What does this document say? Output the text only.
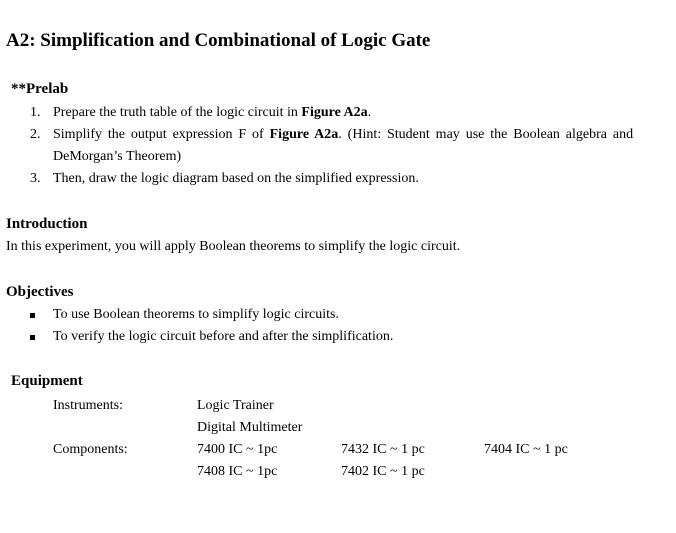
A2: Simplification and Combinational of Logic Gate
**Prelab
1. Prepare the truth table of the logic circuit in Figure A2a.
2. Simplify the output expression F of Figure A2a. (Hint: Student may use the Boolean algebra and
DeMorgan’s Theorem)
3. Then, draw the logic diagram based on the simplified expression.
Introduction
In this experiment, you will apply Boolean theorems to simplify the logic circuit.
Objectives
To use Boolean theorems to simplify logic circuits.
To verify the logic circuit before and after the simplification.
Equipment
Instruments:	Logic Trainer
Digital Multimeter
Components:	7400 IC ~ 1pc
7408 IC ~ 1pc
7432 IC ~ 1 pc
7402 IC ~ 1 pc
7404 IC ~ 1 pc
